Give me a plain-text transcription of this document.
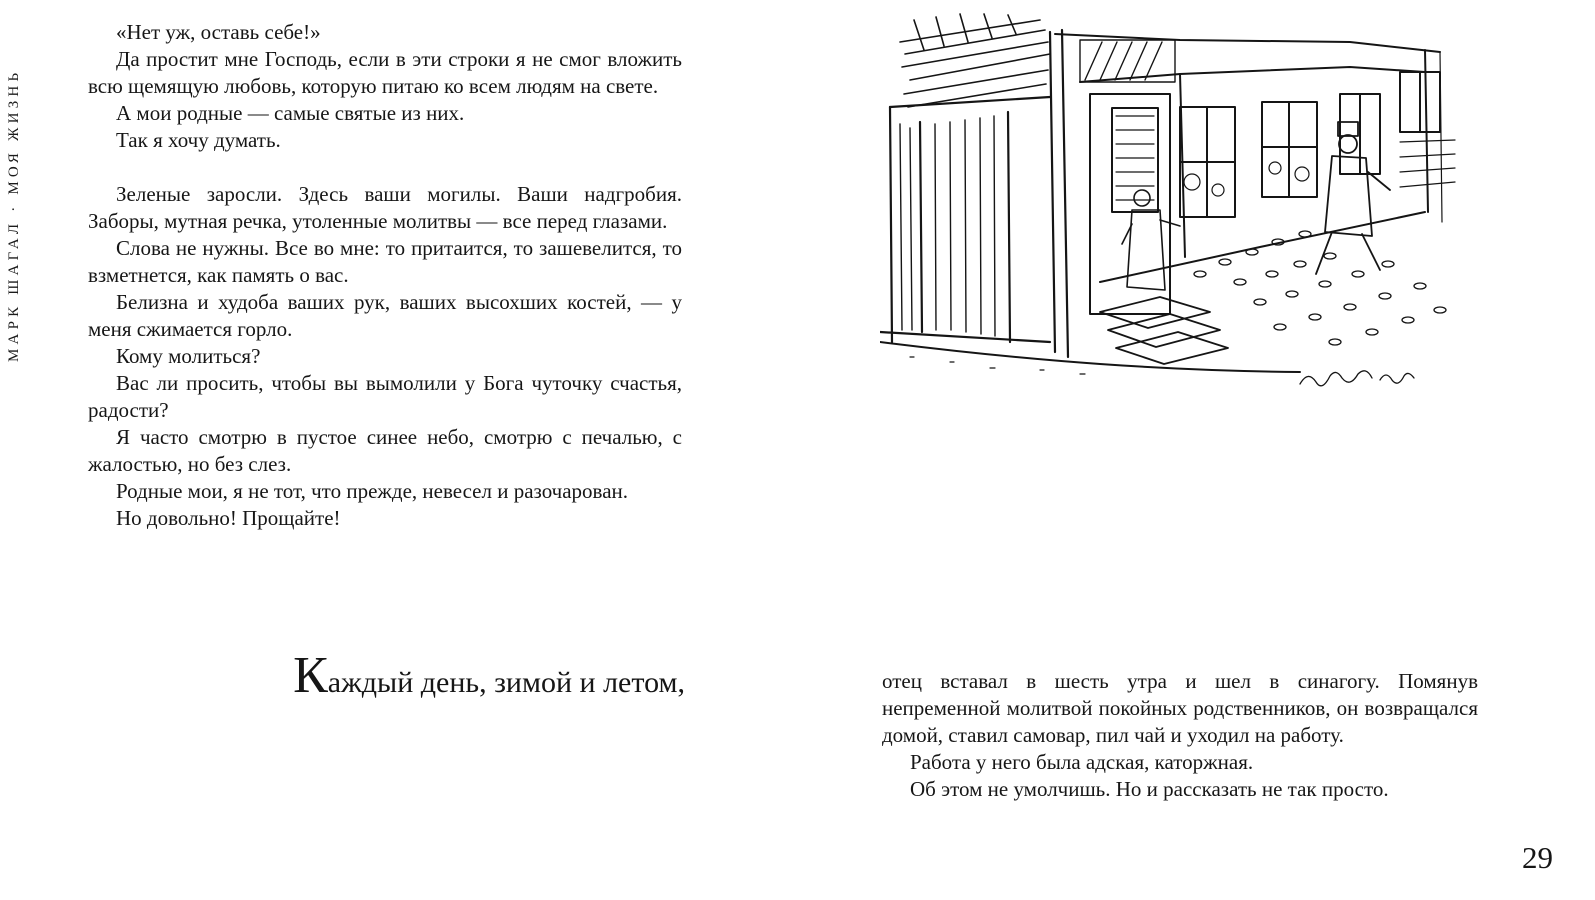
МАРК ШАГАЛ · МОЯ ЖИЗНЬ

«Нет уж, оставь себе!»

Да простит мне Господь, если в эти строки я не смог вложить всю щемящую любовь, которую питаю ко всем людям на свете.

А мои родные — самые святые из них.

Так я хочу думать.

Зеленые заросли. Здесь ваши могилы. Ваши надгробия. Заборы, мутная речка, утоленные молитвы — все перед глазами.

Слова не нужны. Все во мне: то притаится, то зашевелится, то взметнется, как память о вас.

Белизна и худоба ваших рук, ваших высохших костей, — у меня сжимается горло.

Кому молиться?

Вас ли просить, чтобы вы вымолили у Бога чуточку счастья, радости?

Я часто смотрю в пустое синее небо, смотрю с печалью, с жалостью, но без слез.

Родные мои, я не тот, что прежде, невесел и разочарован.

Но довольно! Прощайте!

Каждый день, зимой и летом,	отец вставал в шесть утра и шел в синагогу. Помянув непременной молитвой покойных родственников, он возвращался домой, ставил самовар, пил чай и уходил на работу.

Работа у него была адская, каторжная.

Об этом не умолчишь. Но и рассказать не так просто.

29
